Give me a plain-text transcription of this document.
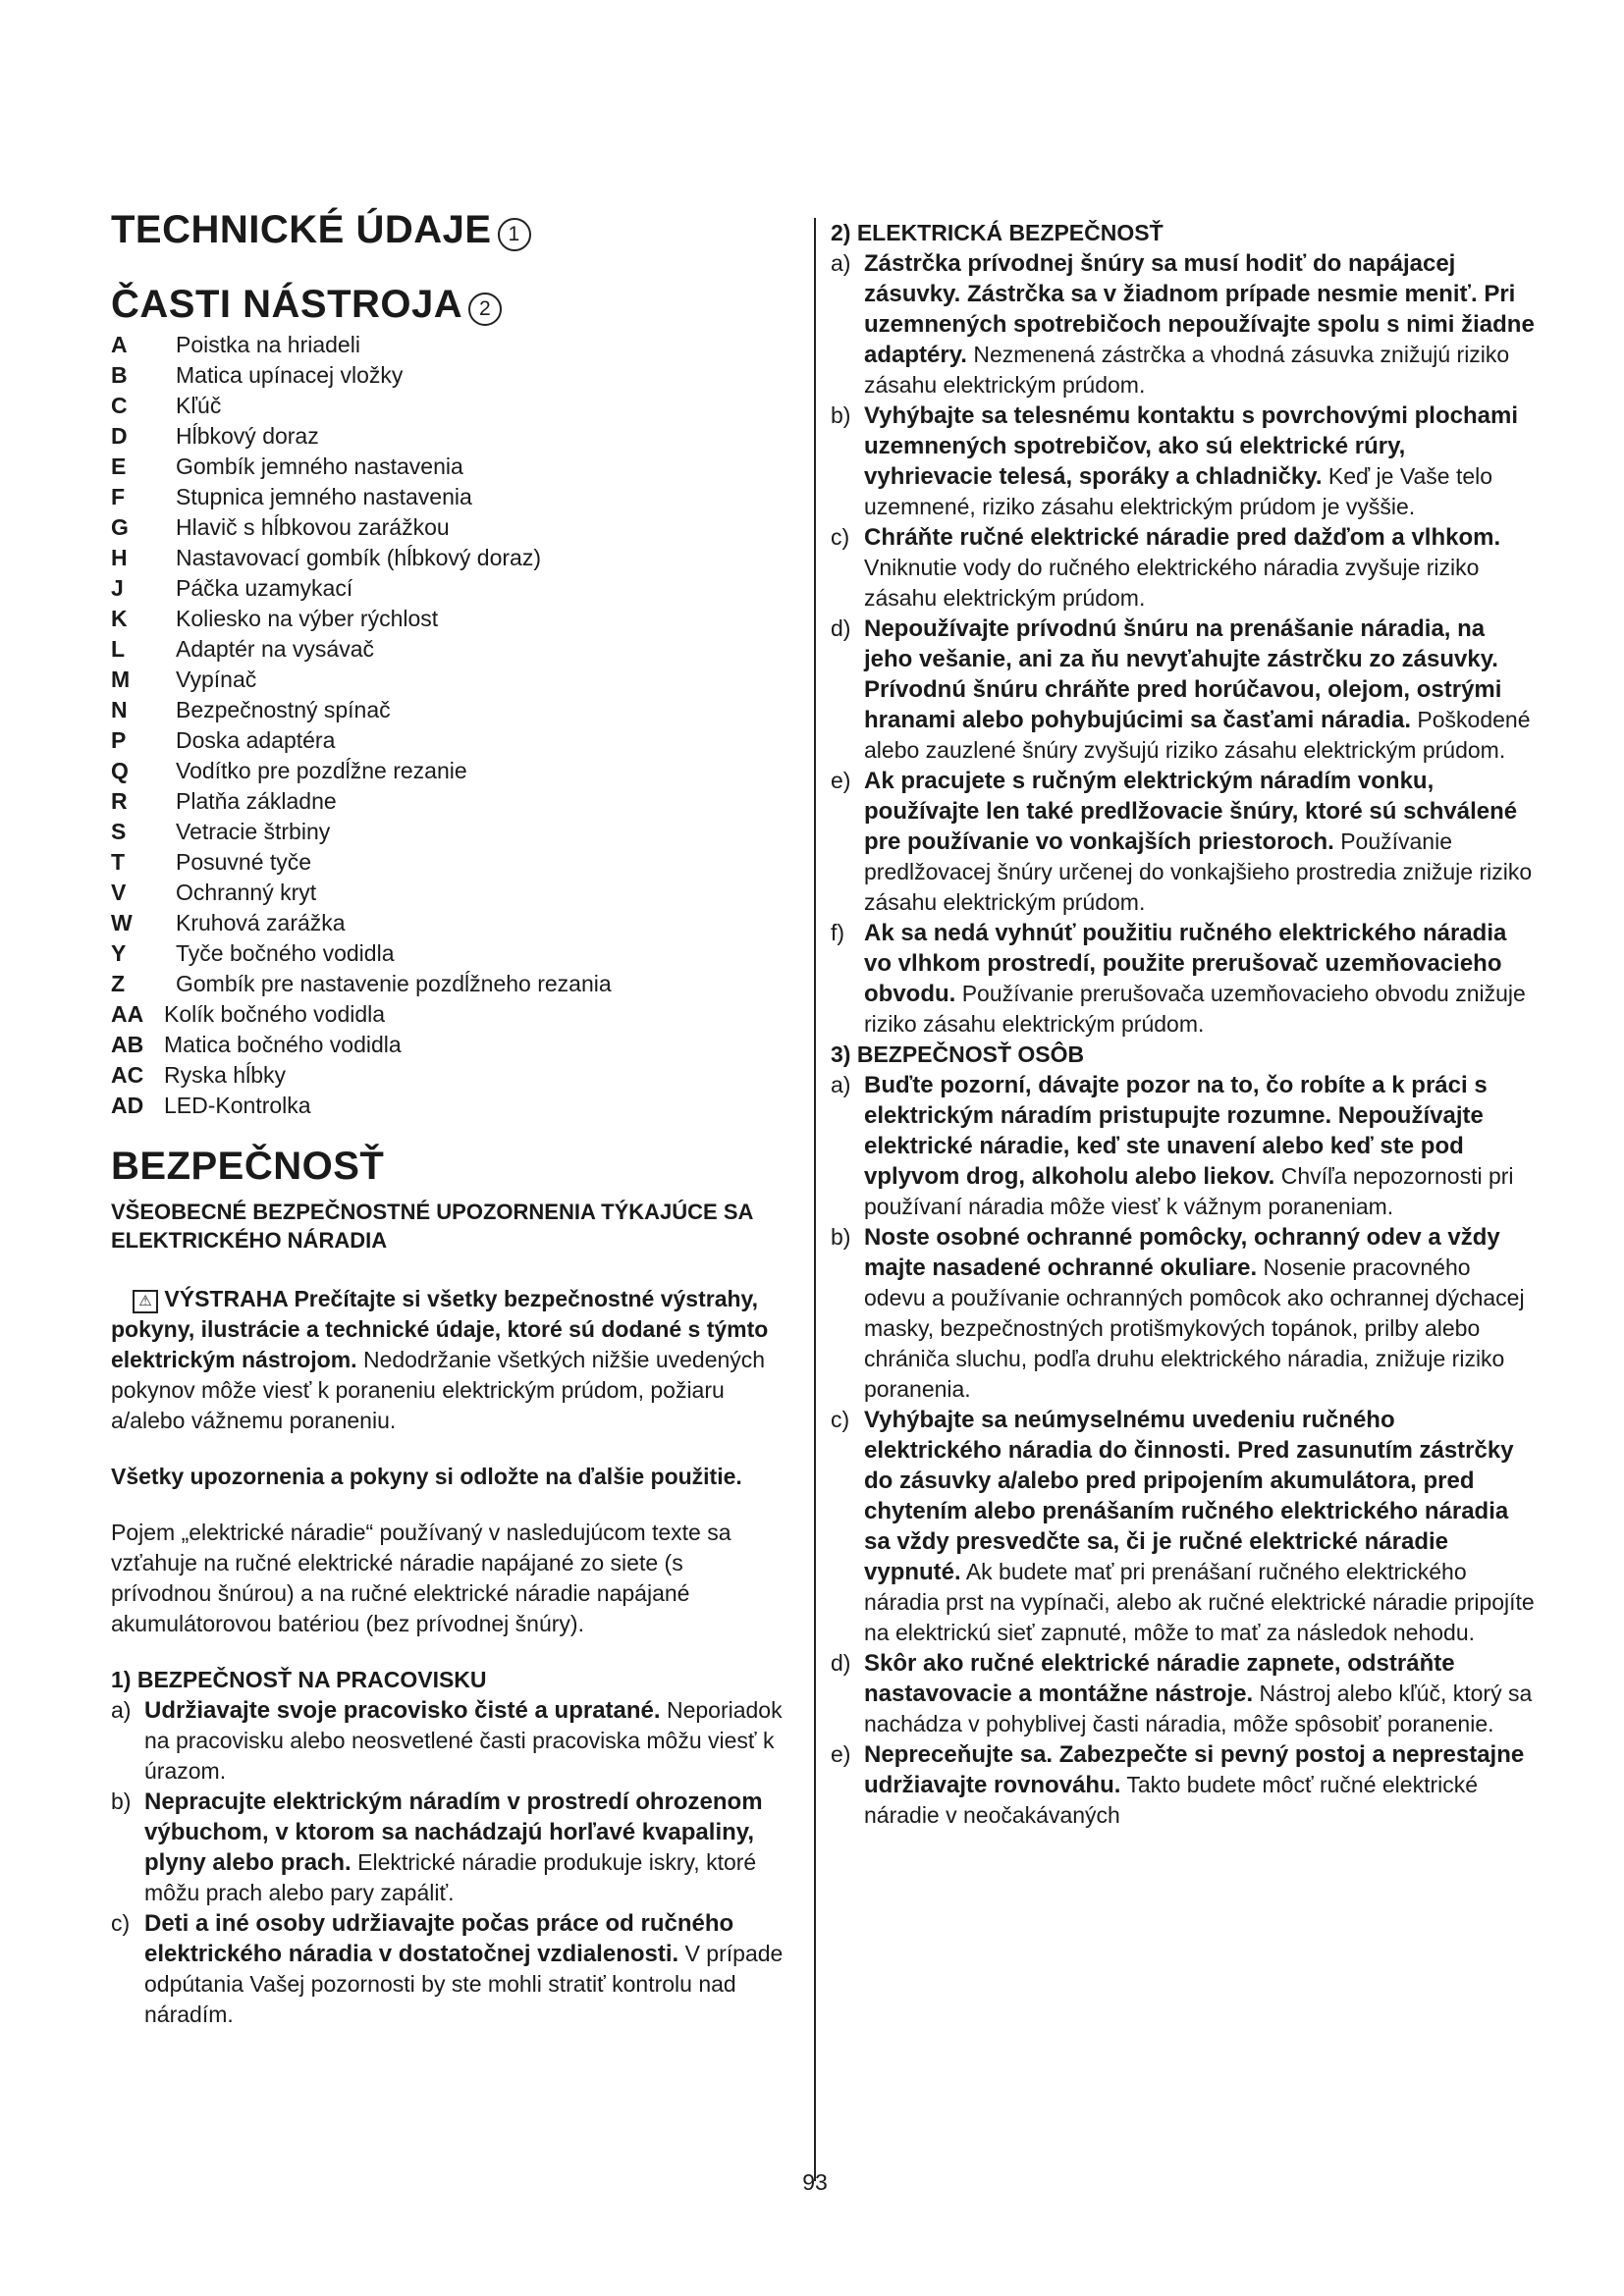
TECHNICKÉ ÚDAJE 1
ČASTI NÁSTROJA 2
A	Poistka na hriadeli
B	Matica upínacej vložky
C	Kľúč
D	Hĺbkový doraz
E	Gombík jemného nastavenia
F	Stupnica jemného nastavenia
G	Hlavič s hĺbkovou zarážkou
H	Nastavovací gombík (hĺbkový doraz)
J	Páčka uzamykací
K	Koliesko na výber rýchlost
L	Adaptér na vysávač
M	Vypínač
N	Bezpečnostný spínač
P	Doska adaptéra
Q	Vodítko pre pozdĺžne rezanie
R	Platňa základne
S	Vetracie štrbiny
T	Posuvné tyče
V	Ochranný kryt
W	Kruhová zarážka
Y	Tyče bočného vodidla
Z	Gombík pre nastavenie pozdĺžneho rezania
AA Kolík bočného vodidla
AB Matica bočného vodidla
AC Ryska hĺbky
AD LED-Kontrolka
BEZPEČNOSŤ
VŠEOBECNÉ BEZPEČNOSTNÉ UPOZORNENIA TÝKAJÚCE SA ELEKTRICKÉHO NÁRADIA
⚠ VÝSTRAHA Prečítajte si všetky bezpečnostné výstrahy, pokyny, ilustrácie a technické údaje, ktoré sú dodané s týmto elektrickým nástrojom. Nedodržanie všetkých nižšie uvedených pokynov môže viesť k poraneniu elektrickým prúdom, požiaru a/alebo vážnemu poraneniu.
Všetky upozornenia a pokyny si odložte na ďalšie použitie.
Pojem „elektrické náradie“ používaný v nasledujúcom texte sa vzťahuje na ručné elektrické náradie napájané zo siete (s prívodnou šnúrou) a na ručné elektrické náradie napájané akumulátorovou batériou (bez prívodnej šnúry).
1) BEZPEČNOSŤ NA PRACOVISKU
a) Udržiavajte svoje pracovisko čisté a upratané. Neporiadok na pracovisku alebo neosvetlené časti pracoviska môžu viesť k úrazom.
b) Nepracujte elektrickým náradím v prostredí ohrozenom výbuchom, v ktorom sa nachádzajú horľavé kvapaliny, plyny alebo prach. Elektrické náradie produkuje iskry, ktoré môžu prach alebo pary zapáliť.
c) Deti a iné osoby udržiavajte počas práce od ručného elektrického náradia v dostatočnej vzdialenosti. V prípade odpútania Vašej pozornosti by ste mohli stratiť kontrolu nad náradím.
2) ELEKTRICKÁ BEZPEČNOSŤ
a) Zástrčka prívodnej šnúry sa musí hodiť do napájacej zásuvky. Zástrčka sa v žiadnom prípade nesmie meniť. Pri uzemnených spotrebičoch nepoužívajte spolu s nimi žiadne adaptéry. Nezmenená zástrčka a vhodná zásuvka znižujú riziko zásahu elektrickým prúdom.
b) Vyhýbajte sa telesnému kontaktu s povrchovými plochami uzemnených spotrebičov, ako sú elektrické rúry, vyhrievacie telesá, sporáky a chladničky. Keď je Vaše telo uzemnené, riziko zásahu elektrickým prúdom je vyššie.
c) Chráňte ručné elektrické náradie pred dažďom a vlhkom. Vniknutie vody do ručného elektrického náradia zvyšuje riziko zásahu elektrickým prúdom.
d) Nepoužívajte prívodnú šnúru na prenášanie náradia, na jeho vešanie, ani za ňu nevyťahujte zástrčku zo zásuvky. Prívodnú šnúru chráňte pred horúčavou, olejom, ostrými hranami alebo pohybujúcimi sa časťami náradia. Poškodené alebo zauzlené šnúry zvyšujú riziko zásahu elektrickým prúdom.
e) Ak pracujete s ručným elektrickým náradím vonku, používajte len také predlžovacie šnúry, ktoré sú schválené pre používanie vo vonkajších priestoroch. Používanie predlžovacej šnúry určenej do vonkajšieho prostredia znižuje riziko zásahu elektrickým prúdom.
f) Ak sa nedá vyhnúť použitiu ručného elektrického náradia vo vlhkom prostredí, použite prerušovač uzemňovacieho obvodu. Používanie prerušovača uzemňovacieho obvodu znižuje riziko zásahu elektrickým prúdom.
3) BEZPEČNOSŤ OSÔB
a) Buďte pozorní, dávajte pozor na to, čo robíte a k práci s elektrickým náradím pristupujte rozumne. Nepoužívajte elektrické náradie, keď ste unavení alebo keď ste pod vplyvom drog, alkoholu alebo liekov. Chvíľa nepozornosti pri používaní náradia môže viesť k vážnym poraneniam.
b) Noste osobné ochranné pomôcky, ochranný odev a vždy majte nasadené ochranné okuliare. Nosenie pracovného odevu a používanie ochranných pomôcok ako ochrannej dýchacej masky, bezpečnostných protišmykových topánok, prilby alebo chrániča sluchu, podľa druhu elektrického náradia, znižuje riziko poranenia.
c) Vyhýbajte sa neúmyselnému uvedeniu ručného elektrického náradia do činnosti. Pred zasunutím zástrčky do zásuvky a/alebo pred pripojením akumulátora, pred chytením alebo prenášaním ručného elektrického náradia sa vždy presvedčte sa, či je ručné elektrické náradie vypnuté. Ak budete mať pri prenášaní ručného elektrického náradia prst na vypínači, alebo ak ručné elektrické náradie pripojíte na elektrickú sieť zapnuté, môže to mať za následok nehodu.
d) Skôr ako ručné elektrické náradie zapnete, odstráňte nastavovacie a montážne nástroje. Nástroj alebo kľúč, ktorý sa nachádza v pohyblivej časti náradia, môže spôsobiť poranenie.
e) Nepreceňujte sa. Zabezpečte si pevný postoj a neprestajne udržiavajte rovnováhu. Takto budete môcť ručné elektrické náradie v neočakávaných
93
